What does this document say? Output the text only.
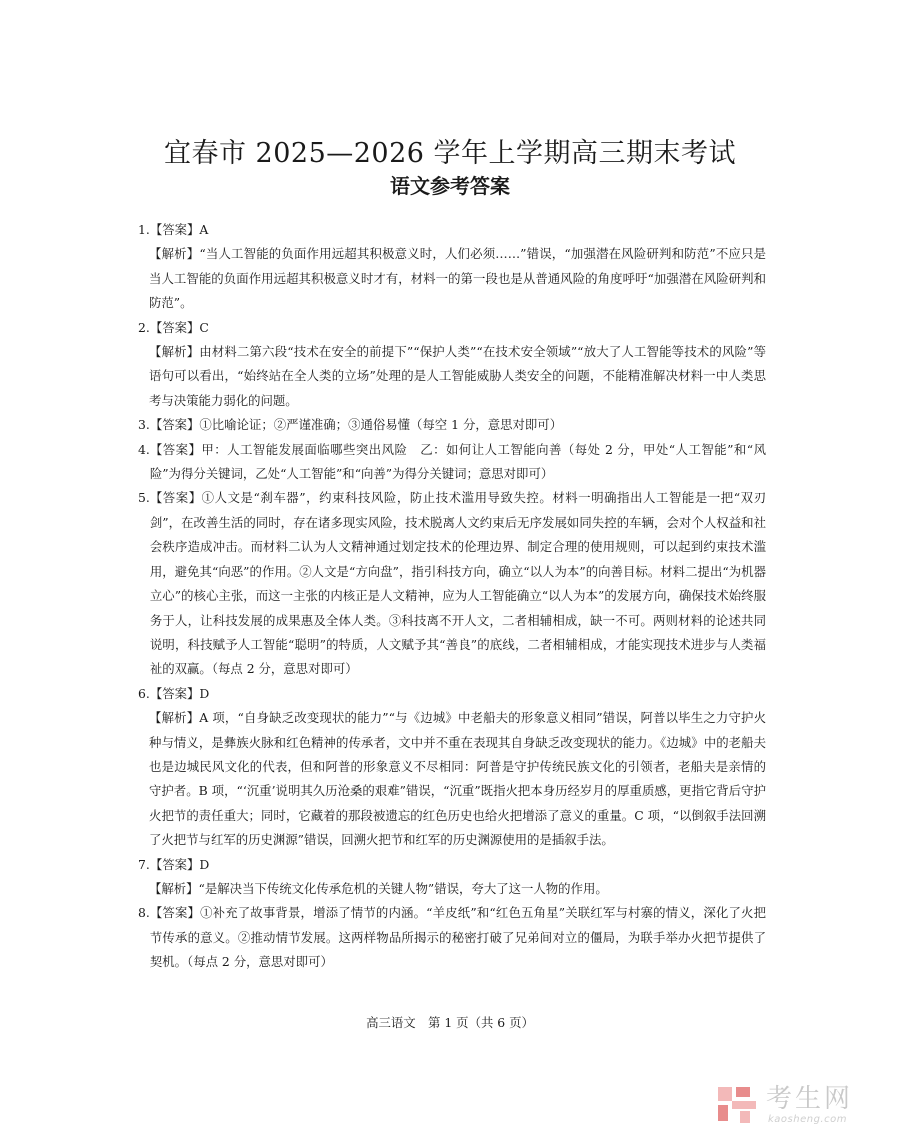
宜春市 2025—2026 学年上学期高三期末考试
语文参考答案

1. 【答案】A

【解析】“当人工智能的负面作用远超其积极意义时，人们必须……”错误，“加强潜在风险研判和防范”不应只是当人工智能的负面作用远超其积极意义时才有，材料一的第一段也是从普通风险的角度呼吁“加强潜在风险研判和防范”。

2. 【答案】C

【解析】由材料二第六段“技术在安全的前提下”“保护人类”“在技术安全领域”“放大了人工智能等技术的风险”等语句可以看出，“始终站在全人类的立场”处理的是人工智能威胁人类安全的问题，不能精准解决材料一中人类思考与决策能力弱化的问题。

3. 【答案】①比喻论证；②严谨准确；③通俗易懂（每空 1 分，意思对即可）

4. 【答案】甲：人工智能发展面临哪些突出风险　乙：如何让人工智能向善（每处 2 分，甲处“人工智能”和“风险”为得分关键词，乙处“人工智能”和“向善”为得分关键词；意思对即可）

5. 【答案】①人文是“刹车器”，约束科技风险，防止技术滥用导致失控。材料一明确指出人工智能是一把“双刃剑”，在改善生活的同时，存在诸多现实风险，技术脱离人文约束后无序发展如同失控的车辆，会对个人权益和社会秩序造成冲击。而材料二认为人文精神通过划定技术的伦理边界、制定合理的使用规则，可以起到约束技术滥用，避免其“向恶”的作用。②人文是“方向盘”，指引科技方向，确立“以人为本”的向善目标。材料二提出“为机器立心”的核心主张，而这一主张的内核正是人文精神，应为人工智能确立“以人为本”的发展方向，确保技术始终服务于人，让科技发展的成果惠及全体人类。③科技离不开人文，二者相辅相成，缺一不可。两则材料的论述共同说明，科技赋予人工智能“聪明”的特质，人文赋予其“善良”的底线，二者相辅相成，才能实现技术进步与人类福祉的双赢。（每点 2 分，意思对即可）

6. 【答案】D

【解析】A 项，“自身缺乏改变现状的能力”“与《边城》中老船夫的形象意义相同”错误，阿普以毕生之力守护火种与情义，是彝族火脉和红色精神的传承者，文中并不重在表现其自身缺乏改变现状的能力。《边城》中的老船夫也是边城民风文化的代表，但和阿普的形象意义不尽相同：阿普是守护传统民族文化的引领者，老船夫是亲情的守护者。B 项，“‘沉重’说明其久历沧桑的艰难”错误，“沉重”既指火把本身历经岁月的厚重质感，更指它背后守护火把节的责任重大；同时，它藏着的那段被遗忘的红色历史也给火把增添了意义的重量。C 项，“以倒叙手法回溯了火把节与红军的历史渊源”错误，回溯火把节和红军的历史渊源使用的是插叙手法。

7. 【答案】D

【解析】“是解决当下传统文化传承危机的关键人物”错误，夸大了这一人物的作用。

8. 【答案】①补充了故事背景，增添了情节的内涵。“羊皮纸”和“红色五角星”关联红军与村寨的情义，深化了火把节传承的意义。②推动情节发展。这两样物品所揭示的秘密打破了兄弟间对立的僵局，为联手举办火把节提供了契机。（每点 2 分，意思对即可）

高三语文　第 1 页（共 6 页）
考生网
kaosheng.com
